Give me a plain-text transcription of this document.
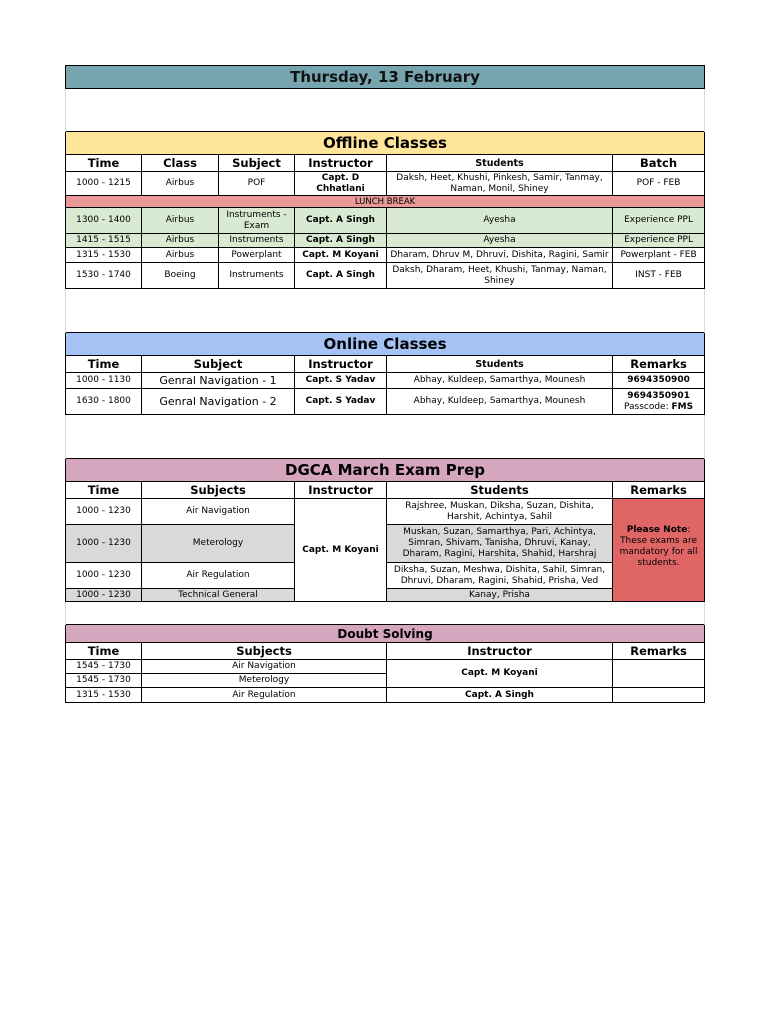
Thursday, 13 February					

Offline Classes					
Time	Class	Subject	Instructor	Students	Batch
1000 - 1215	Airbus	POF	Capt. D Chhatlani	Daksh, Heet, Khushi, Pinkesh, Samir, Tanmay, Naman, Monil, Shiney	POF - FEB
LUNCH BREAK					
1300 - 1400	Airbus	Instruments - Exam	Capt. A Singh	Ayesha	Experience PPL
1415 - 1515	Airbus	Instruments	Capt. A Singh	Ayesha	Experience PPL
1315 - 1530	Airbus	Powerplant	Capt. M Koyani	Dharam, Dhruv M, Dhruvi, Dishita, Ragini, Samir	Powerplant - FEB
1530 - 1740	Boeing	Instruments	Capt. A Singh	Daksh, Dharam, Heet, Khushi, Tanmay, Naman, Shiney	INST - FEB

Online Classes					
Time	Subject		Instructor	Students	Remarks
1000 - 1130	Genral Navigation - 1		Capt. S Yadav	Abhay, Kuldeep, Samarthya, Mounesh	9694350900
1630 - 1800	Genral Navigation - 2		Capt. S Yadav	Abhay, Kuldeep, Samarthya, Mounesh	9694350901
Passcode: FMS

DGCA March Exam Prep					
Time	Subjects		Instructor	Students	Remarks
1000 - 1230	Air Navigation		Capt. M Koyani	Rajshree, Muskan, Diksha, Suzan, Dishita, Harshit, Achintya, Sahil	Please Note: These exams are mandatory for all students.
1000 - 1230	Meterology			Muskan, Suzan, Samarthya, Pari, Achintya, Simran, Shivam, Tanisha, Dhruvi, Kanay, Dharam, Ragini, Harshita, Shahid, Harshraj	
1000 - 1230	Air Regulation			Diksha, Suzan, Meshwa, Dishita, Sahil, Simran, Dhruvi, Dharam, Ragini, Shahid, Prisha, Ved	
1000 - 1230	Technical General			Kanay, Prisha	

Doubt Solving					
Time	Subjects			Instructor	Remarks
1545 - 1730	Air Navigation			Capt. M Koyani	
1545 - 1730	Meterology				
1315 - 1530	Air Regulation			Capt. A Singh	
